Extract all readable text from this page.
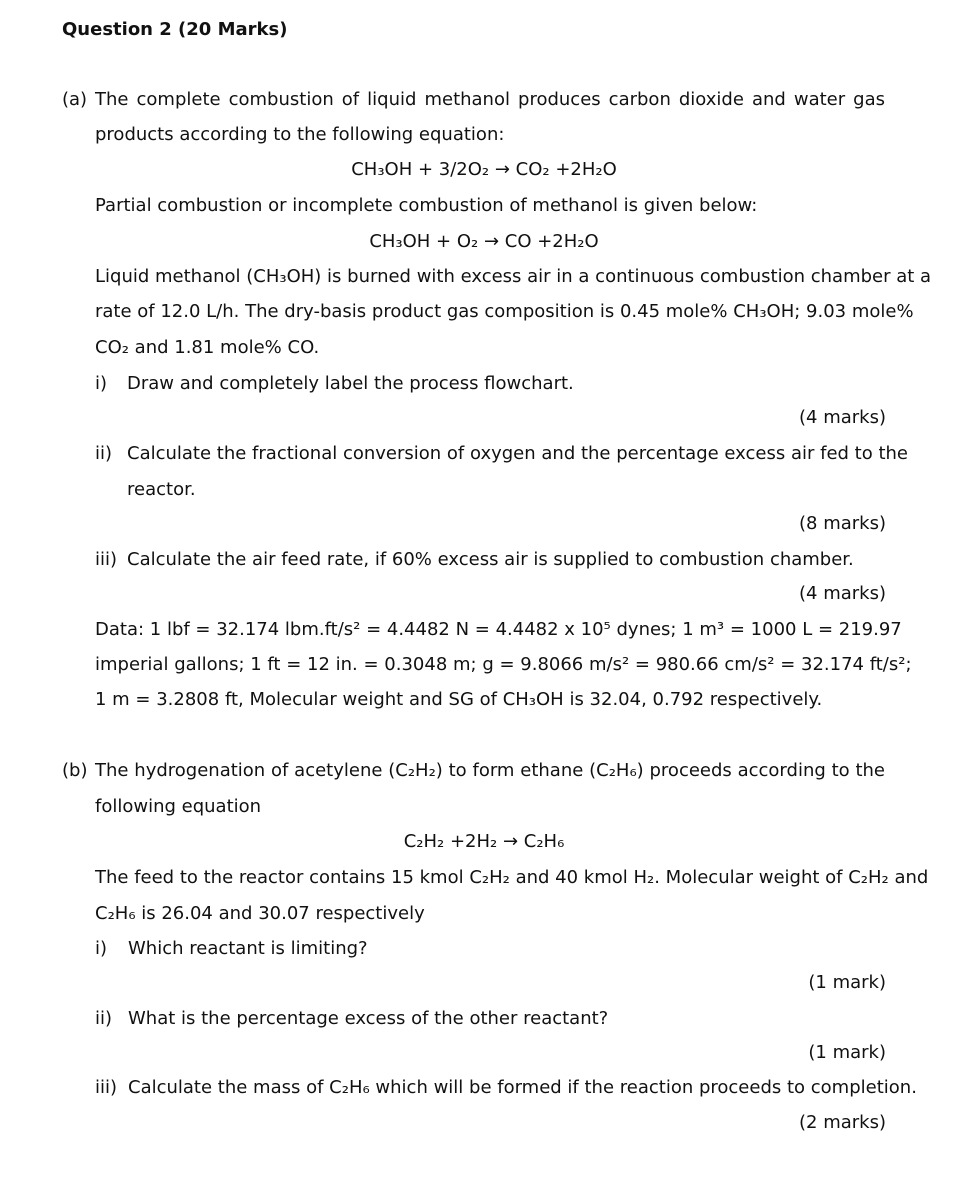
Question 2 (20 Marks)
(a) The complete combustion of liquid methanol produces carbon dioxide and water gas
products according to the following equation:
CH₃OH + 3/2O₂ → CO₂ +2H₂O
Partial combustion or incomplete combustion of methanol is given below:
CH₃OH + O₂ → CO +2H₂O
Liquid methanol (CH₃OH) is burned with excess air in a continuous combustion chamber at a
rate of 12.0 L/h. The dry-basis product gas composition is 0.45 mole% CH₃OH; 9.03 mole%
CO₂ and 1.81 mole% CO.
i) Draw and completely label the process flowchart.
(4 marks)
ii) Calculate the fractional conversion of oxygen and the percentage excess air fed to the
reactor.
(8 marks)
iii) Calculate the air feed rate, if 60% excess air is supplied to combustion chamber.
(4 marks)
Data: 1 lbf = 32.174 lbm.ft/s² = 4.4482 N = 4.4482 x 10⁵ dynes; 1 m³ = 1000 L = 219.97
imperial gallons; 1 ft = 12 in. = 0.3048 m; g = 9.8066 m/s² = 980.66 cm/s² = 32.174 ft/s²;
1 m = 3.2808 ft, Molecular weight and SG of CH₃OH is 32.04, 0.792 respectively.
(b) The hydrogenation of acetylene (C₂H₂) to form ethane (C₂H₆) proceeds according to the
following equation
C₂H₂ +2H₂ → C₂H₆
The feed to the reactor contains 15 kmol C₂H₂ and 40 kmol H₂. Molecular weight of C₂H₂ and
C₂H₆ is 26.04 and 30.07 respectively
i) Which reactant is limiting?
(1 mark)
ii) What is the percentage excess of the other reactant?
(1 mark)
iii) Calculate the mass of C₂H₆ which will be formed if the reaction proceeds to completion.
(2 marks)
